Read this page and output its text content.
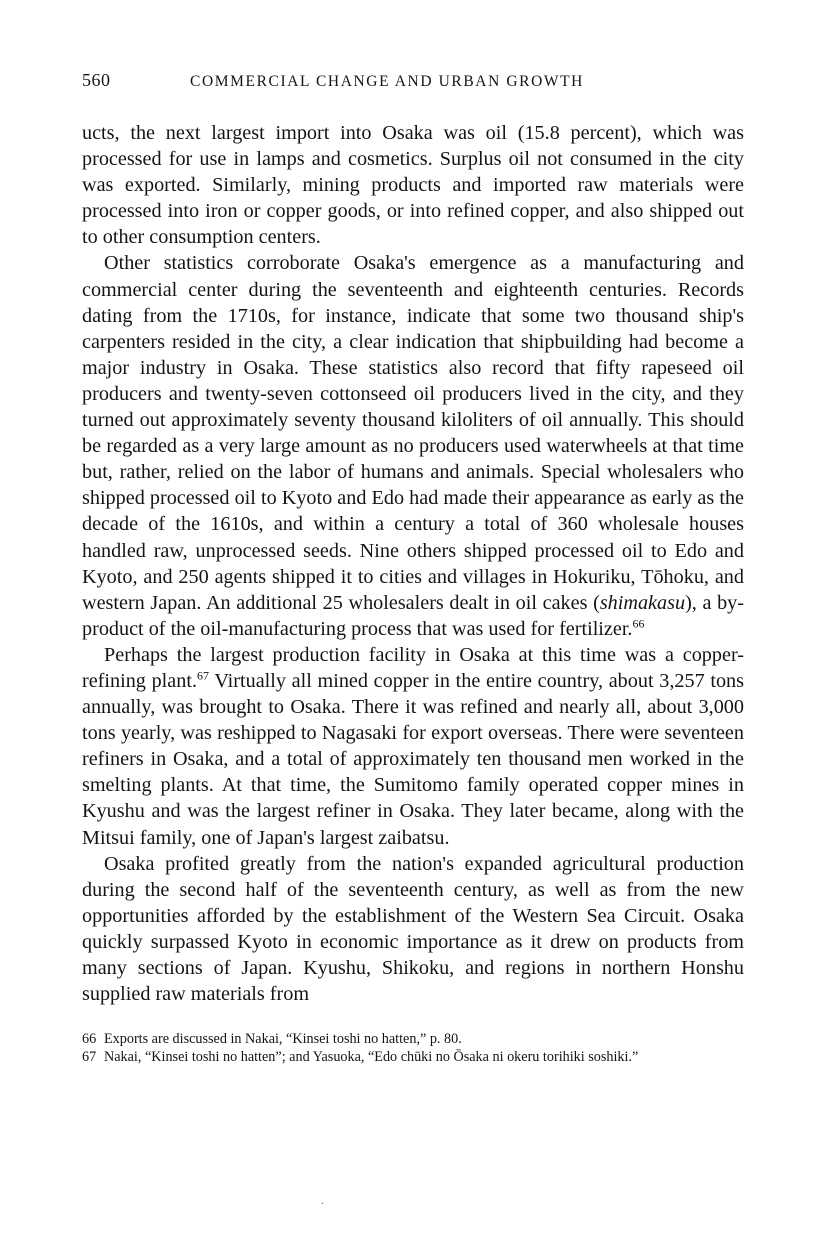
560	COMMERCIAL CHANGE AND URBAN GROWTH

ucts, the next largest import into Osaka was oil (15.8 percent), which was processed for use in lamps and cosmetics. Surplus oil not consumed in the city was exported. Similarly, mining products and imported raw materials were processed into iron or copper goods, or into refined copper, and also shipped out to other consumption centers.

Other statistics corroborate Osaka's emergence as a manufacturing and commercial center during the seventeenth and eighteenth centuries. Records dating from the 1710s, for instance, indicate that some two thousand ship's carpenters resided in the city, a clear indication that shipbuilding had become a major industry in Osaka. These statistics also record that fifty rapeseed oil producers and twenty-seven cottonseed oil producers lived in the city, and they turned out approximately seventy thousand kiloliters of oil annually. This should be regarded as a very large amount as no producers used waterwheels at that time but, rather, relied on the labor of humans and animals. Special wholesalers who shipped processed oil to Kyoto and Edo had made their appearance as early as the decade of the 1610s, and within a century a total of 360 wholesale houses handled raw, unprocessed seeds. Nine others shipped processed oil to Edo and Kyoto, and 250 agents shipped it to cities and villages in Hokuriku, Tōhoku, and western Japan. An additional 25 wholesalers dealt in oil cakes (shimakasu), a by-product of the oil-manufacturing process that was used for fertilizer.$^{66}$

Perhaps the largest production facility in Osaka at this time was a copper-refining plant.$^{67}$ Virtually all mined copper in the entire country, about 3,257 tons annually, was brought to Osaka. There it was refined and nearly all, about 3,000 tons yearly, was reshipped to Nagasaki for export overseas. There were seventeen refiners in Osaka, and a total of approximately ten thousand men worked in the smelting plants. At that time, the Sumitomo family operated copper mines in Kyushu and was the largest refiner in Osaka. They later became, along with the Mitsui family, one of Japan's largest zaibatsu.

Osaka profited greatly from the nation's expanded agricultural production during the second half of the seventeenth century, as well as from the new opportunities afforded by the establishment of the Western Sea Circuit. Osaka quickly surpassed Kyoto in economic importance as it drew on products from many sections of Japan. Kyushu, Shikoku, and regions in northern Honshu supplied raw materials from

66 Exports are discussed in Nakai, “Kinsei toshi no hatten,” p. 80.
67 Nakai, “Kinsei toshi no hatten”; and Yasuoka, “Edo chūki no Ōsaka ni okeru torihiki soshiki.”
.
